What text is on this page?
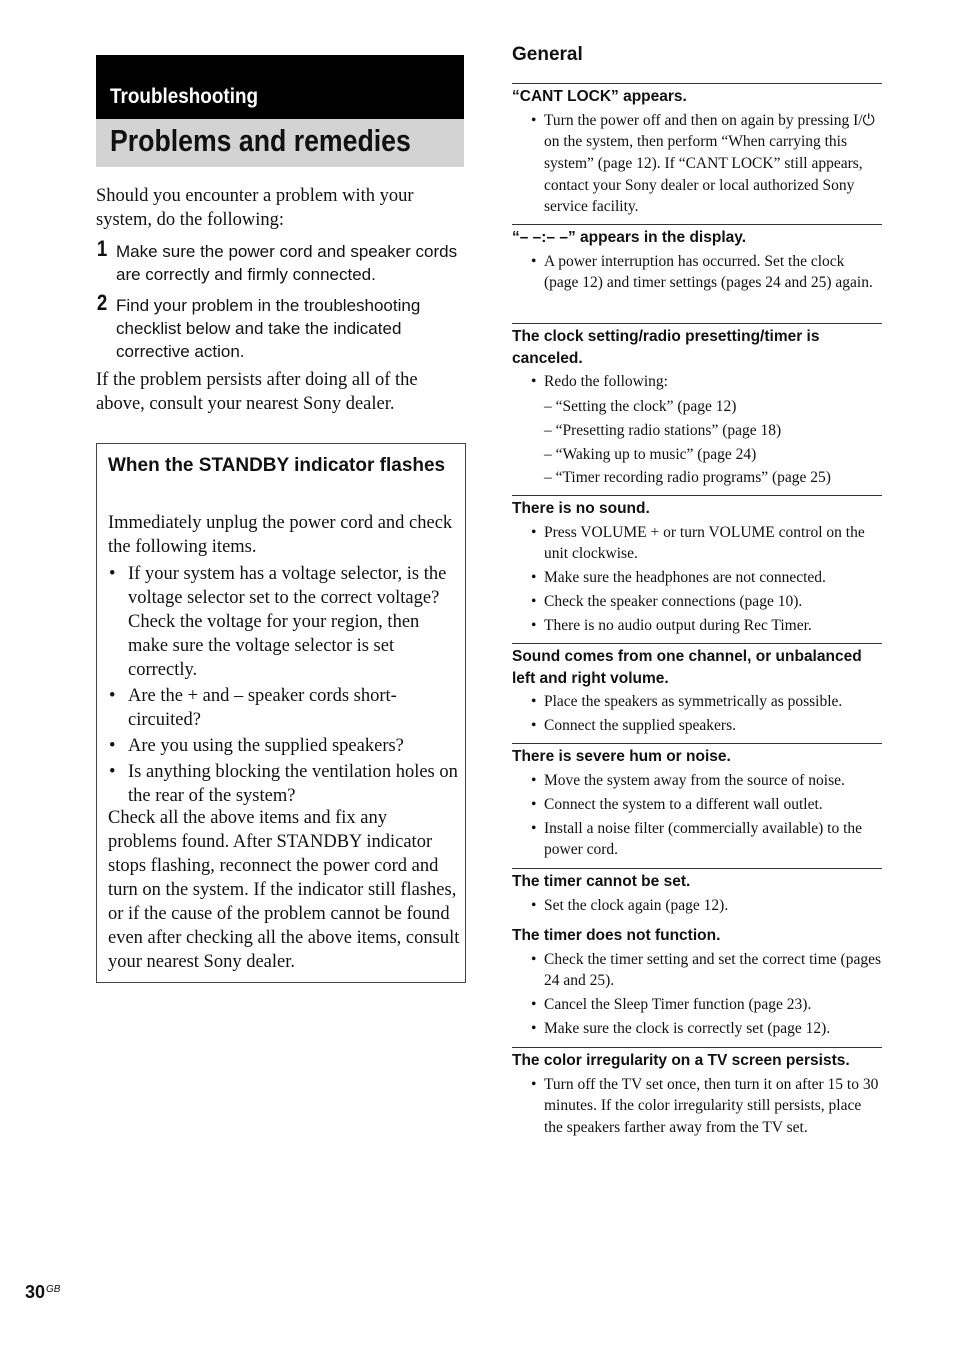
Troubleshooting
Problems and remedies
Should you encounter a problem with your system, do the following:
1 Make sure the power cord and speaker cords are correctly and firmly connected.
2 Find your problem in the troubleshooting checklist below and take the indicated corrective action.
If the problem persists after doing all of the above, consult your nearest Sony dealer.
When the STANDBY indicator flashes
Immediately unplug the power cord and check the following items.
• If your system has a voltage selector, is the voltage selector set to the correct voltage? Check the voltage for your region, then make sure the voltage selector is set correctly.
• Are the + and – speaker cords short-circuited?
• Are you using the supplied speakers?
• Is anything blocking the ventilation holes on the rear of the system?
Check all the above items and fix any problems found. After STANDBY indicator stops flashing, reconnect the power cord and turn on the system. If the indicator still flashes, or if the cause of the problem cannot be found even after checking all the above items, consult your nearest Sony dealer.
General
“CANT LOCK” appears.
• Turn the power off and then on again by pressing I/⏻ on the system, then perform “When carrying this system” (page 12). If “CANT LOCK” still appears, contact your Sony dealer or local authorized Sony service facility.
“– –:– –” appears in the display.
• A power interruption has occurred. Set the clock (page 12) and timer settings (pages 24 and 25) again.
The clock setting/radio presetting/timer is canceled.
• Redo the following:
– “Setting the clock” (page 12)
– “Presetting radio stations” (page 18)
– “Waking up to music” (page 24)
– “Timer recording radio programs” (page 25)
There is no sound.
• Press VOLUME + or turn VOLUME control on the unit clockwise.
• Make sure the headphones are not connected.
• Check the speaker connections (page 10).
• There is no audio output during Rec Timer.
Sound comes from one channel, or unbalanced left and right volume.
• Place the speakers as symmetrically as possible.
• Connect the supplied speakers.
There is severe hum or noise.
• Move the system away from the source of noise.
• Connect the system to a different wall outlet.
• Install a noise filter (commercially available) to the power cord.
The timer cannot be set.
• Set the clock again (page 12).
The timer does not function.
• Check the timer setting and set the correct time (pages 24 and 25).
• Cancel the Sleep Timer function (page 23).
• Make sure the clock is correctly set (page 12).
The color irregularity on a TV screen persists.
• Turn off the TV set once, then turn it on after 15 to 30 minutes. If the color irregularity still persists, place the speakers farther away from the TV set.
$30^{GB}$
